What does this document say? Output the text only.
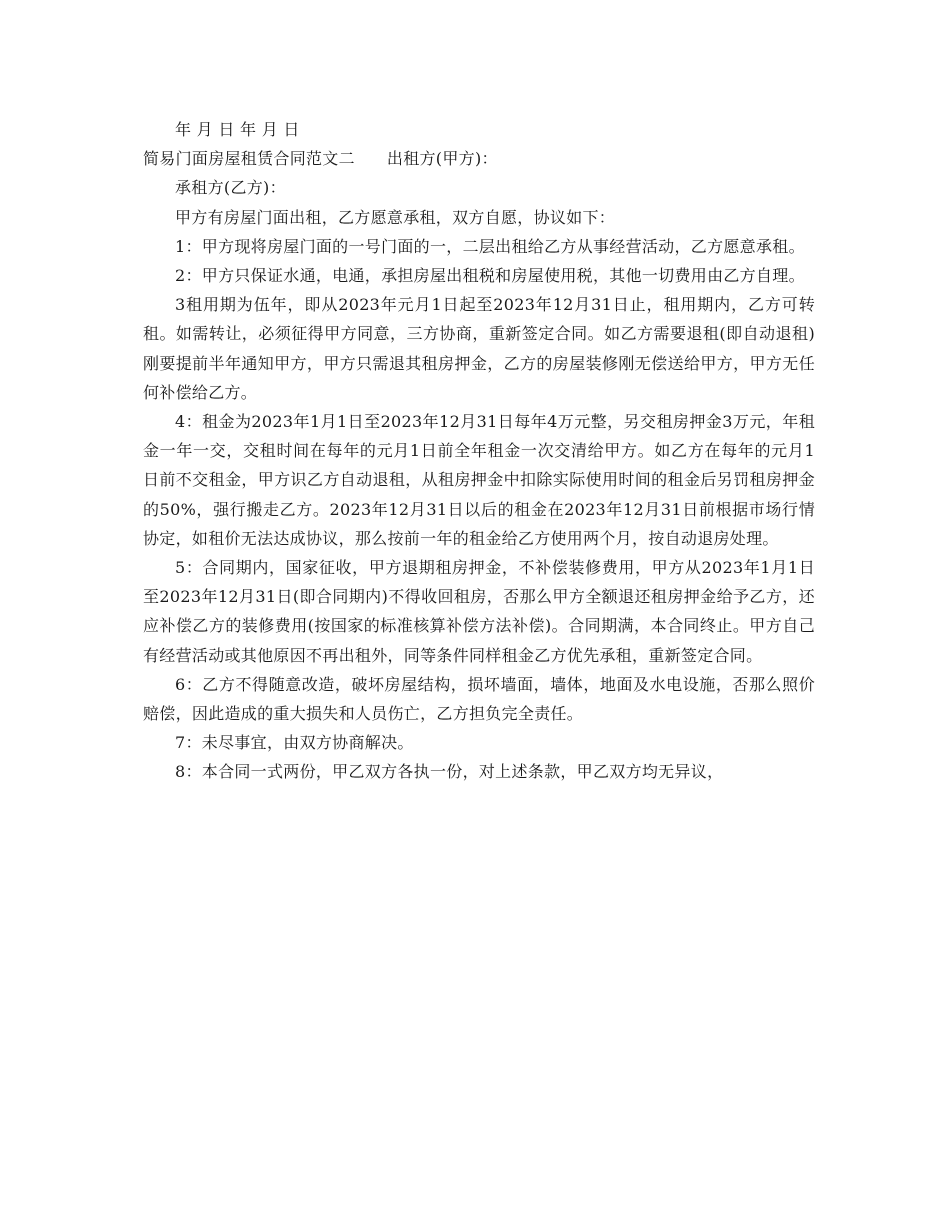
年 月 日 年 月 日

简易门面房屋租赁合同范文二 出租方(甲方)：

承租方(乙方)：

甲方有房屋门面出租，乙方愿意承租，双方自愿，协议如下：

1：甲方现将房屋门面的一号门面的一，二层出租给乙方从事经营活动，乙方愿意承租。

2：甲方只保证水通，电通，承担房屋出租税和房屋使用税，其他一切费用由乙方自理。

3租用期为伍年，即从2023年元月1日起至2023年12月31日止，租用期内，乙方可转租。如需转让，必须征得甲方同意，三方协商，重新签定合同。如乙方需要退租(即自动退租)刚要提前半年通知甲方，甲方只需退其租房押金，乙方的房屋装修刚无偿送给甲方，甲方无任何补偿给乙方。

4：租金为2023年1月1日至2023年12月31日每年4万元整，另交租房押金3万元，年租金一年一交，交租时间在每年的元月1日前全年租金一次交清给甲方。如乙方在每年的元月1日前不交租金，甲方识乙方自动退租，从租房押金中扣除实际使用时间的租金后另罚租房押金的50%，强行搬走乙方。2023年12月31日以后的租金在2023年12月31日前根据市场行情协定，如租价无法达成协议，那么按前一年的租金给乙方使用两个月，按自动退房处理。

5：合同期内，国家征收，甲方退期租房押金，不补偿装修费用，甲方从2023年1月1日至2023年12月31日(即合同期内)不得收回租房，否那么甲方全额退还租房押金给予乙方，还应补偿乙方的装修费用(按国家的标准核算补偿方法补偿)。合同期满，本合同终止。甲方自己有经营活动或其他原因不再出租外，同等条件同样租金乙方优先承租，重新签定合同。

6：乙方不得随意改造，破坏房屋结构，损坏墙面，墙体，地面及水电设施，否那么照价赔偿，因此造成的重大损失和人员伤亡，乙方担负完全责任。

7：未尽事宜，由双方协商解决。

8：本合同一式两份，甲乙双方各执一份，对上述条款，甲乙双方均无异议，
